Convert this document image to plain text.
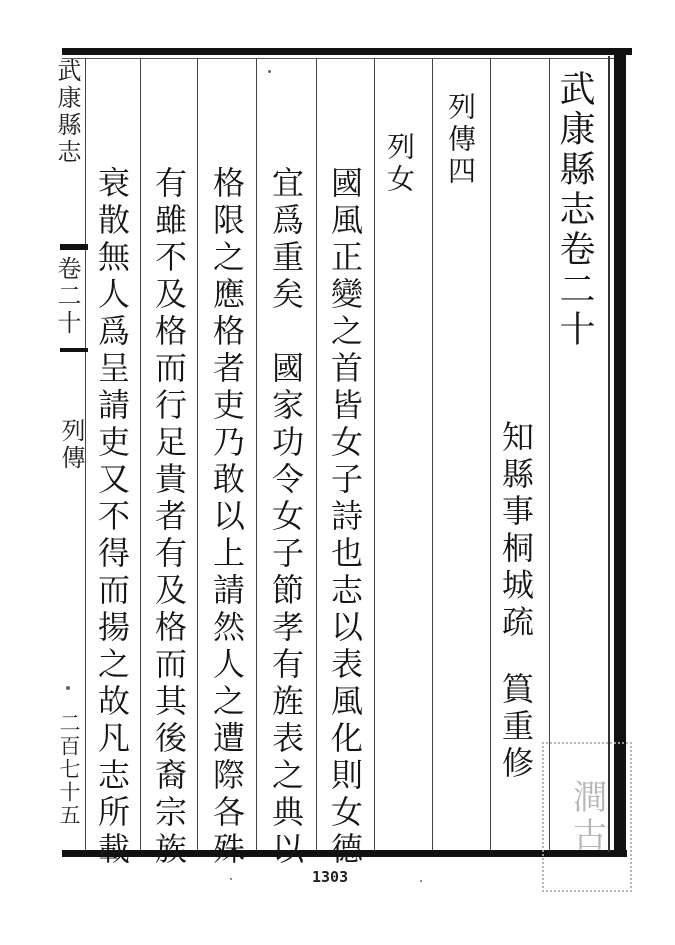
武康縣志卷二十
知縣事桐城疏
篔重修
列傳四
列女
國風正變之首皆女子詩也志以表風化則女德
宜爲重矣　國家功令女子節孝有旌表之典以
格限之應格者吏乃敢以上請然人之遭際各殊
有雖不及格而行足貴者有及格而其後裔宗族
衰散無人爲呈請吏又不得而揚之故凡志所載
武康縣志
卷二十
列傳
二百七十五
1303
澗古
